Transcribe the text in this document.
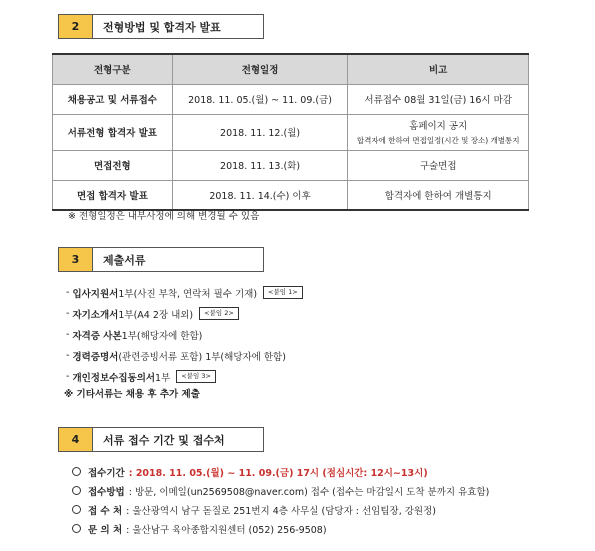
2	전형방법 및 합격자 발표
전형구분	전형일정	비고
채용공고 및 서류접수	2018. 11. 05.(월) ~ 11. 09.(금)	서류접수 08월 31일(금) 16시 마감
서류전형 합격자 발표	2018. 11. 12.(월)	홈페이지 공지
합격자에 한하여 면접일정(시간 및 장소) 개별통지

면접전형	2018. 11. 13.(화)	구술면접
면접 합격자 발표	2018. 11. 14.(수) 이후	합격자에 한하여 개별통지
※ 전형일정은 내부사정에 의해 변경될 수 있음
3	제출서류
- 입사지원서 1부(사진 부착, 연락처 필수 기재)	<붙임 1>
- 자기소개서 1부(A4 2장 내외)	<붙임 2>
- 자격증 사본 1부(해당자에 한함)
- 경력증명서 (관련증빙서류 포함) 1부(해당자에 한함)
- 개인정보수집동의서 1부	<붙임 3>
※ 기타서류는 채용 후 추가 제출
4	서류 접수 기간 및 접수처
접수기간 : 2018. 11. 05.(월) ~ 11. 09.(금) 17시 (점심시간: 12시~13시)
접수방법 : 방문, 이메일(un2569508@naver.com) 접수 (접수는 마감일시 도착 분까지 유효함)
접 수 처 : 울산광역시 남구 돋질로 251번지 4층 사무실 (담당자 : 선임팀장, 강원정)
문 의 처 : 울산남구 육아종합지원센터 (052) 256-9508)
